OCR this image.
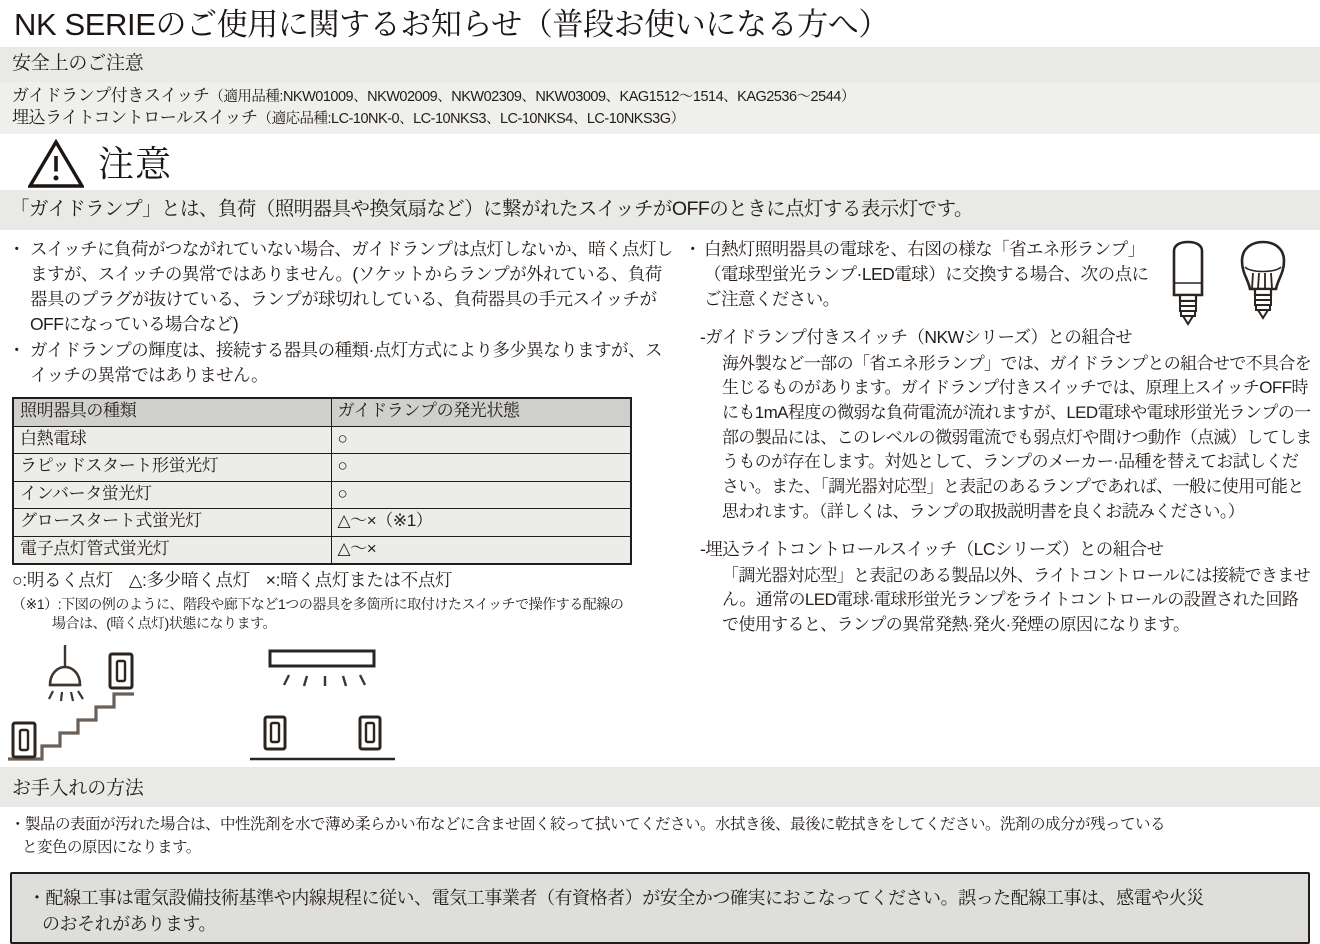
NK SERIEのご使用に関するお知らせ（普段お使いになる方へ）
安全上のご注意
ガイドランプ付きスイッチ（適用品種:NKW01009、NKW02009、NKW02309、NKW03009、KAG1512〜1514、KAG2536〜2544）
埋込ライトコントロールスイッチ（適応品種:LC-10NK-0、LC-10NKS3、LC-10NKS4、LC-10NKS3G）
注意
「ガイドランプ」とは、負荷（照明器具や換気扇など）に繋がれたスイッチがOFFのときに点灯する表示灯です。
・ スイッチに負荷がつながれていない場合、ガイドランプは点灯しないか、暗く点灯しますが、スイッチの異常ではありません。(ソケットからランプが外れている、負荷器具のプラグが抜けている、ランプが球切れしている、負荷器具の手元スイッチがOFFになっている場合など)
・ ガイドランプの輝度は、接続する器具の種類·点灯方式により多少異なりますが、スイッチの異常ではありません。
照明器具の種類	ガイドランプの発光状態
白熱電球	○
ラピッドスタート形蛍光灯	○
インバータ蛍光灯	○
グロースタート式蛍光灯	△〜×（※1）
電子点灯管式蛍光灯	△〜×
○:明るく点灯 △:多少暗く点灯 ×:暗く点灯または不点灯
（※1）:下図の例のように、階段や廊下など1つの器具を多箇所に取付けたスイッチで操作する配線の
場合は、(暗く点灯)状態になります。
・ 白熱灯照明器具の電球を、右図の様な「省エネ形ランプ」（電球型蛍光ランプ·LED電球）に交換する場合、次の点にご注意ください。
-ガイドランプ付きスイッチ（NKWシリーズ）との組合せ
海外製など一部の「省エネ形ランプ」では、ガイドランプとの組合せで不具合を生じるものがあります。ガイドランプ付きスイッチでは、原理上スイッチOFF時にも1mA程度の微弱な負荷電流が流れますが、LED電球や電球形蛍光ランプの一部の製品には、このレベルの微弱電流でも弱点灯や間けつ動作（点滅）してしまうものが存在します。対処として、ランプのメーカー·品種を替えてお試しください。また、「調光器対応型」と表記のあるランプであれば、一般に使用可能と思われます。（詳しくは、ランプの取扱説明書を良くお読みください。）
-埋込ライトコントロールスイッチ（LCシリーズ）との組合せ
「調光器対応型」と表記のある製品以外、ライトコントロールには接続できません。通常のLED電球·電球形蛍光ランプをライトコントロールの設置された回路で使用すると、ランプの異常発熱·発火·発煙の原因になります。
お手入れの方法
・製品の表面が汚れた場合は、中性洗剤を水で薄め柔らかい布などに含ませ固く絞って拭いてください。水拭き後、最後に乾拭きをしてください。洗剤の成分が残っている
と変色の原因になります。
・配線工事は電気設備技術基準や内線規程に従い、電気工事業者（有資格者）が安全かつ確実におこなってください。誤った配線工事は、感電や火災
のおそれがあります。
